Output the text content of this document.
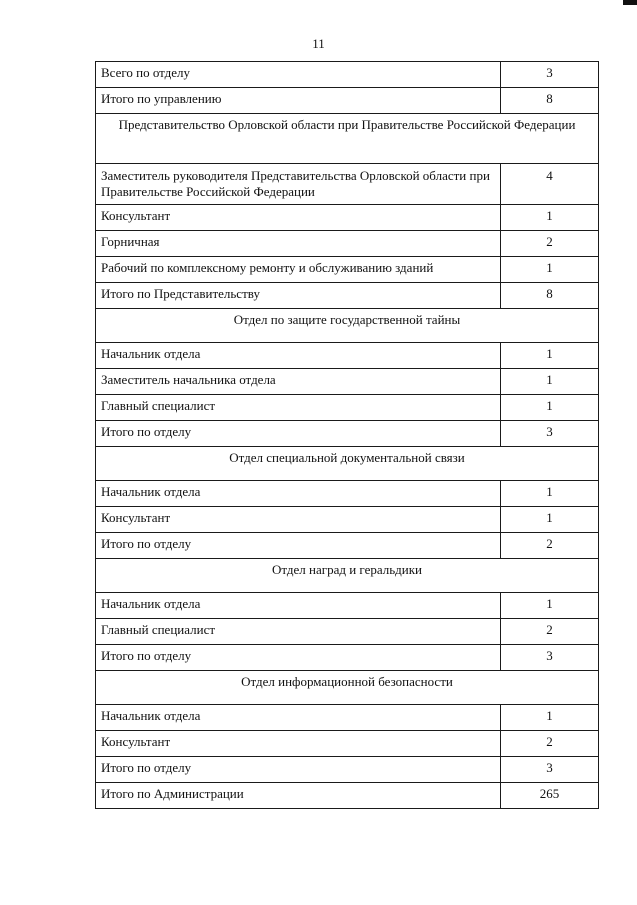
11
Всего по отделу	3
Итого по управлению	8
Представительство Орловской области при Правительстве Российской Федерации	
Заместитель руководителя Представительства Орловской области при Правительстве Российской Федерации	4
Консультант	1
Горничная	2
Рабочий по комплексному ремонту и обслуживанию зданий	1
Итого по Представительству	8
Отдел по защите государственной тайны	
Начальник отдела	1
Заместитель начальника отдела	1
Главный специалист	1
Итого по отделу	3
Отдел специальной документальной связи	
Начальник отдела	1
Консультант	1
Итого по отделу	2
Отдел наград и геральдики	
Начальник отдела	1
Главный специалист	2
Итого по отделу	3
Отдел информационной безопасности	
Начальник отдела	1
Консультант	2
Итого по отделу	3
Итого по Администрации	265
